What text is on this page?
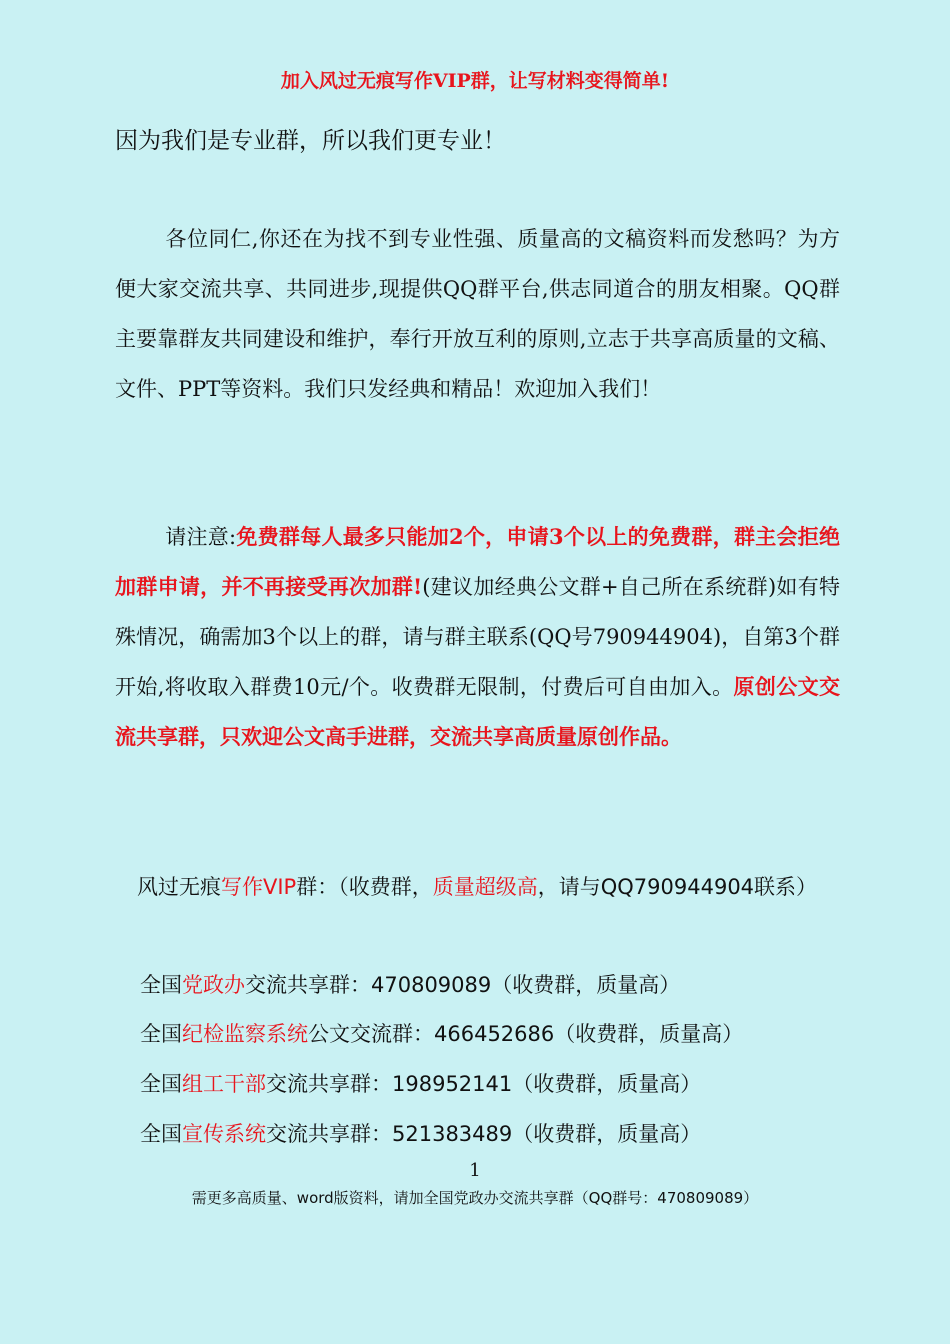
加入风过无痕写作VIP群，让写材料变得简单!
因为我们是专业群，所以我们更专业！
各位同仁,你还在为找不到专业性强、质量高的文稿资料而发愁吗？为方便大家交流共享、共同进步,现提供QQ群平台,供志同道合的朋友相聚。QQ群主要靠群友共同建设和维护，奉行开放互利的原则,立志于共享高质量的文稿、文件、PPT等资料。我们只发经典和精品！欢迎加入我们！
请注意:免费群每人最多只能加2个，申请3个以上的免费群，群主会拒绝加群申请，并不再接受再次加群!(建议加经典公文群+自己所在系统群)如有特殊情况，确需加3个以上的群，请与群主联系(QQ号790944904)，自第3个群开始,将收取入群费10元/个。收费群无限制，付费后可自由加入。原创公文交流共享群，只欢迎公文高手进群，交流共享高质量原创作品。
风过无痕写作VIP群：（收费群，质量超级高，请与QQ790944904联系）
全国党政办交流共享群：470809089（收费群，质量高）
全国纪检监察系统公文交流群：466452686（收费群，质量高）
全国组工干部交流共享群：198952141（收费群，质量高）
全国宣传系统交流共享群：521383489（收费群，质量高）
1
需更多高质量、word版资料，请加全国党政办交流共享群（QQ群号：470809089）
